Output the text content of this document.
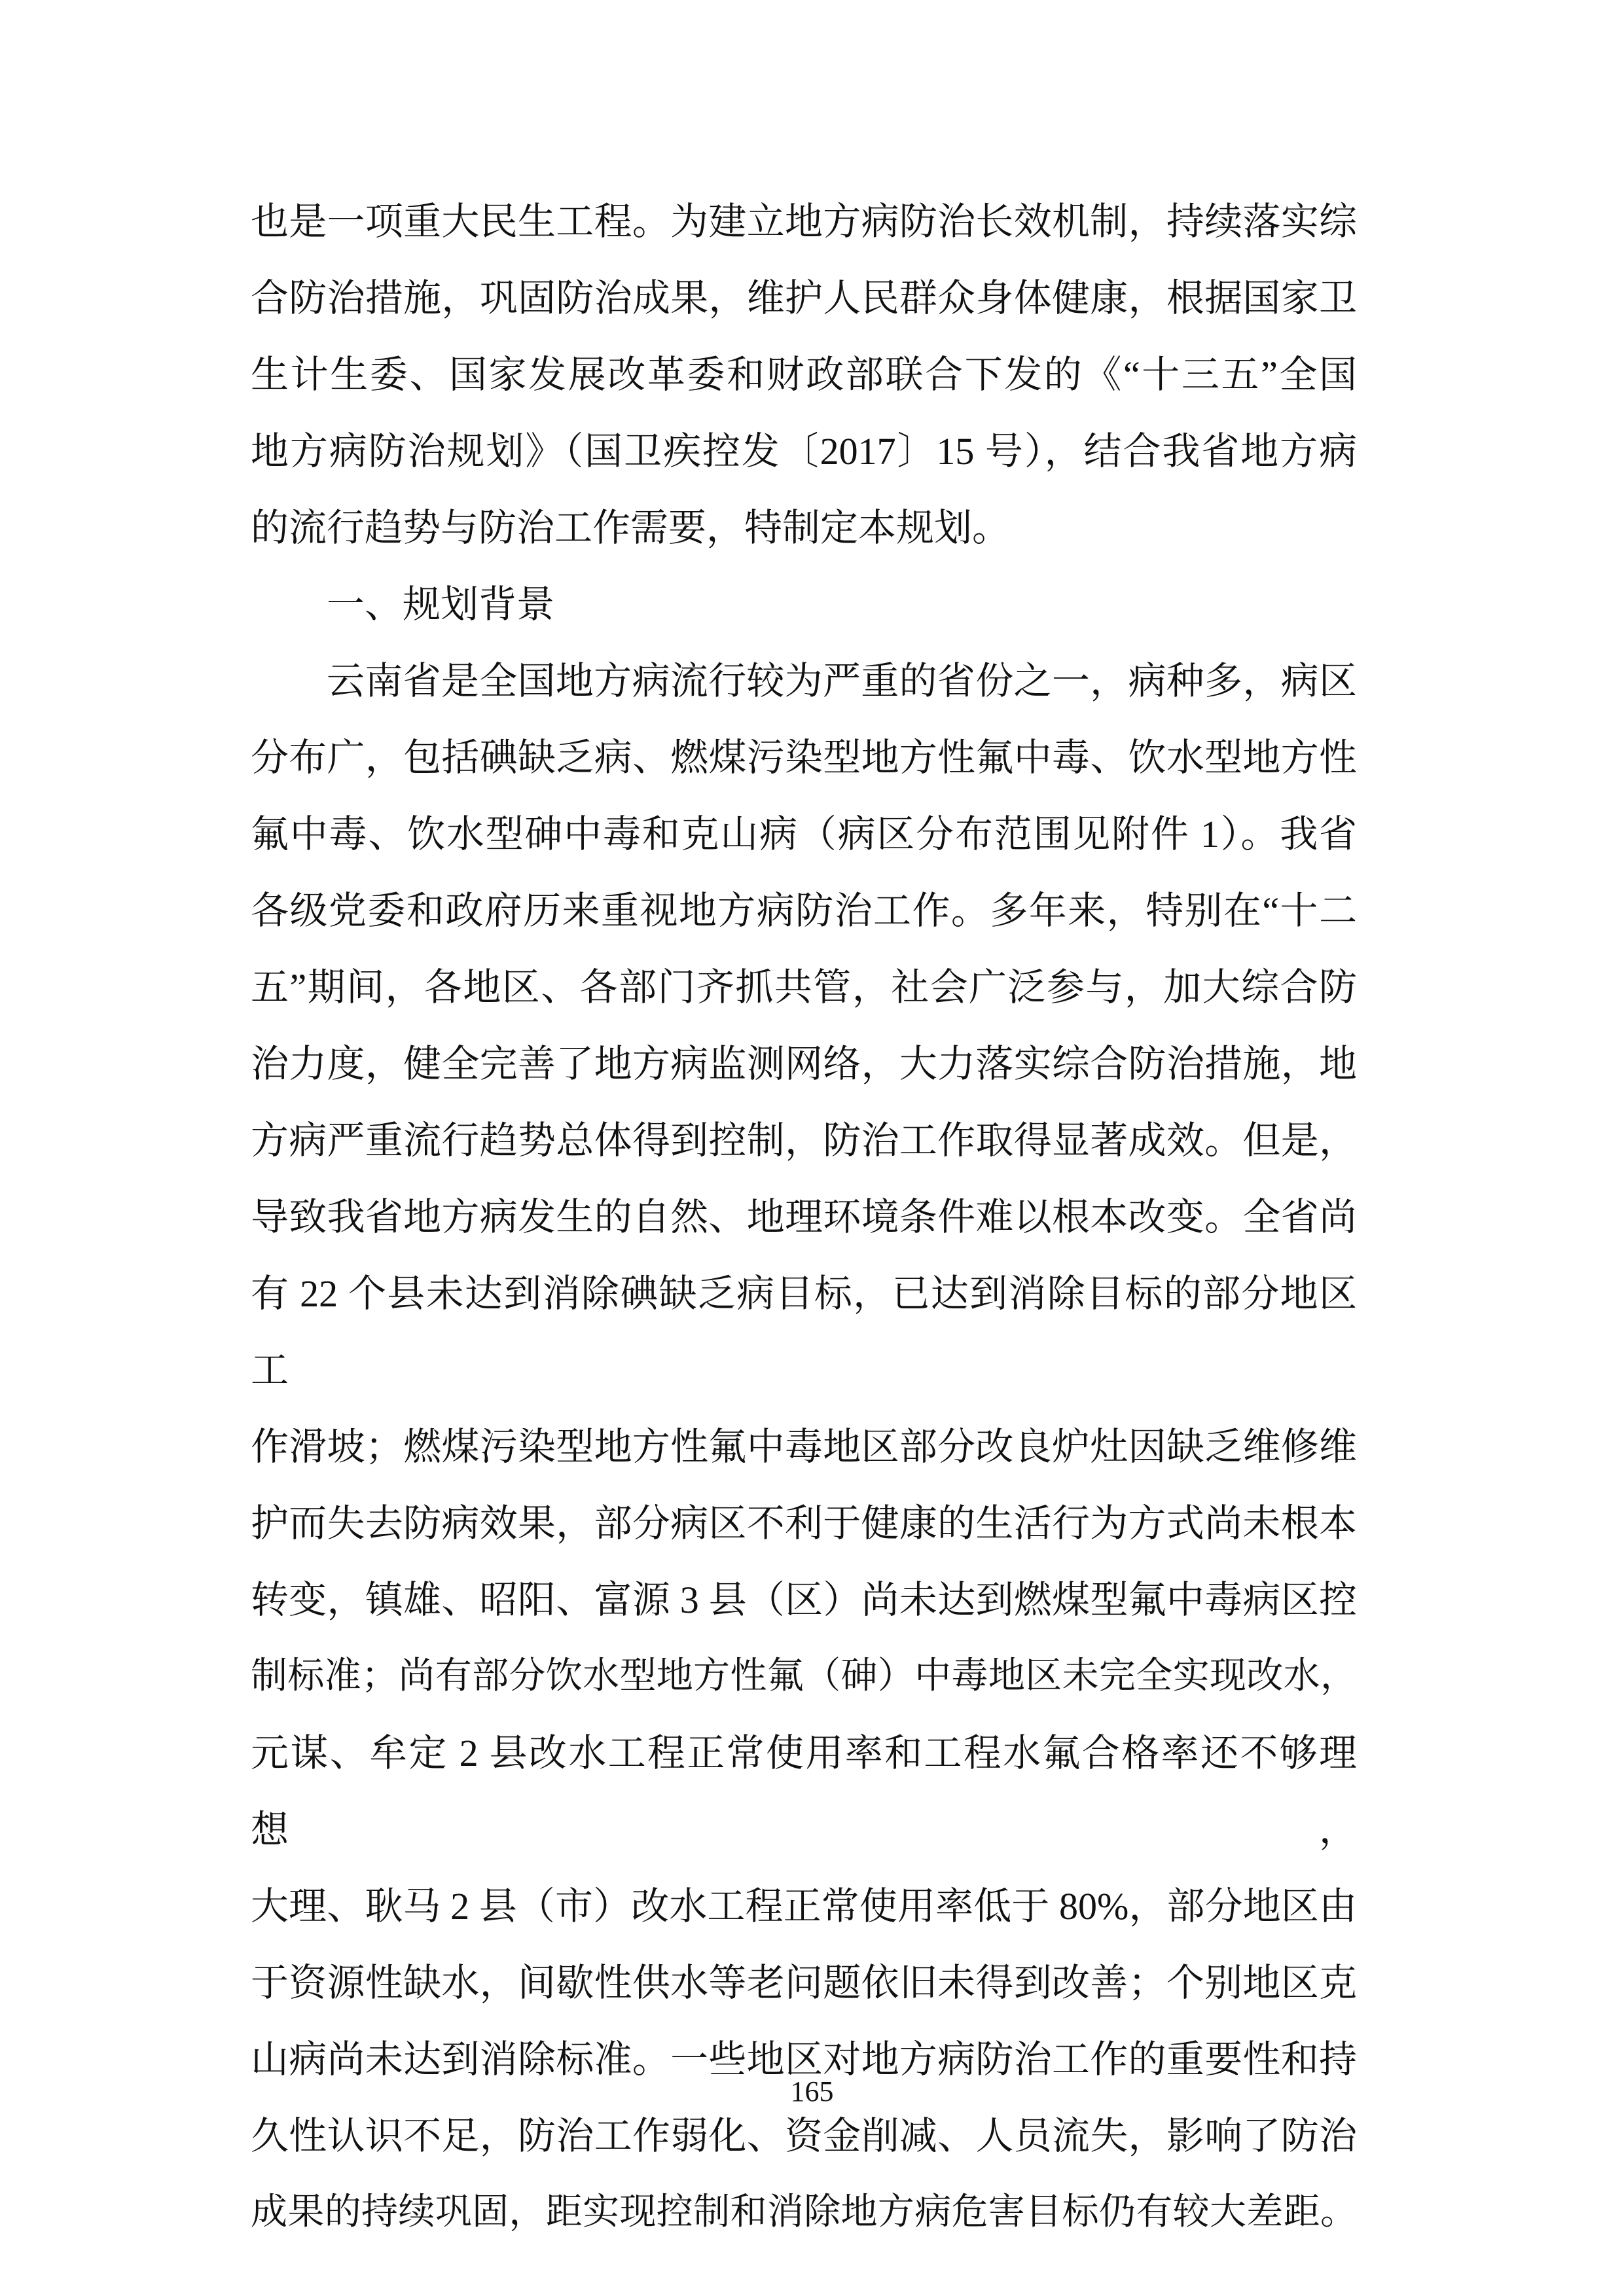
也是一项重大民生工程。为建立地方病防治长效机制，持续落实综
合防治措施，巩固防治成果，维护人民群众身体健康，根据国家卫
生计生委、国家发展改革委和财政部联合下发的《“十三五”全国
地方病防治规划》（国卫疾控发〔2017〕15 号），结合我省地方病
的流行趋势与防治工作需要，特制定本规划。
一、规划背景
云南省是全国地方病流行较为严重的省份之一，病种多，病区
分布广，包括碘缺乏病、燃煤污染型地方性氟中毒、饮水型地方性
氟中毒、饮水型砷中毒和克山病（病区分布范围见附件 1）。我省
各级党委和政府历来重视地方病防治工作。多年来，特别在“十二
五”期间，各地区、各部门齐抓共管，社会广泛参与，加大综合防
治力度，健全完善了地方病监测网络，大力落实综合防治措施，地
方病严重流行趋势总体得到控制，防治工作取得显著成效。但是，
导致我省地方病发生的自然、地理环境条件难以根本改变。全省尚
有 22 个县未达到消除碘缺乏病目标，已达到消除目标的部分地区工
作滑坡；燃煤污染型地方性氟中毒地区部分改良炉灶因缺乏维修维
护而失去防病效果，部分病区不利于健康的生活行为方式尚未根本
转变，镇雄、昭阳、富源 3 县（区）尚未达到燃煤型氟中毒病区控
制标准；尚有部分饮水型地方性氟（砷）中毒地区未完全实现改水，
元谋、牟定 2 县改水工程正常使用率和工程水氟合格率还不够理想，
大理、耿马 2 县（市）改水工程正常使用率低于 80%，部分地区由
于资源性缺水，间歇性供水等老问题依旧未得到改善；个别地区克
山病尚未达到消除标准。一些地区对地方病防治工作的重要性和持
久性认识不足，防治工作弱化、资金削减、人员流失，影响了防治
成果的持续巩固，距实现控制和消除地方病危害目标仍有较大差距。
165
